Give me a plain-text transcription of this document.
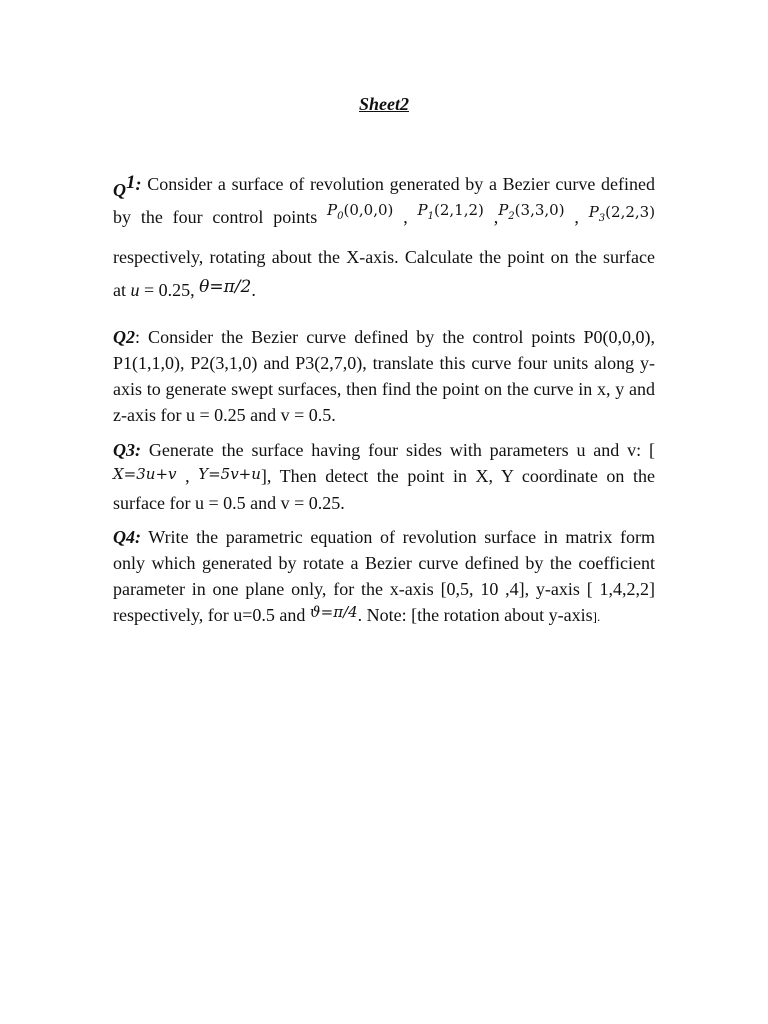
Sheet2
Q1: Consider a surface of revolution generated by a Bezier curve defined by the four control points $^{P_0(0,0,0)}$ , $^{P_1(2,1,2)}$ ,$^{P_2(3,3,0)}$ , $^{P_3(2,2,3)}$ respectively, rotating about the X-axis. Calculate the point on the surface at u = 0.25, θ=π/2.
Q2: Consider the Bezier curve defined by the control points P0(0,0,0), P1(1,1,0), P2(3,1,0) and P3(2,7,0), translate this curve four units along y-axis to generate swept surfaces, then find the point on the curve in x, y and z-axis for u = 0.25 and v = 0.5.
Q3: Generate the surface having four sides with parameters u and v: [ X=3u+v , Y=5v+u], Then detect the point in X, Y coordinate on the surface for u = 0.5 and v = 0.25.
Q4: Write the parametric equation of revolution surface in matrix form only which generated by rotate a Bezier curve defined by the coefficient parameter in one plane only, for the x-axis [0,5, 10 ,4], y-axis [ 1,4,2,2] respectively, for u=0.5 and $^{ϑ=\pi/4}$. Note: [the rotation about y-axis].
